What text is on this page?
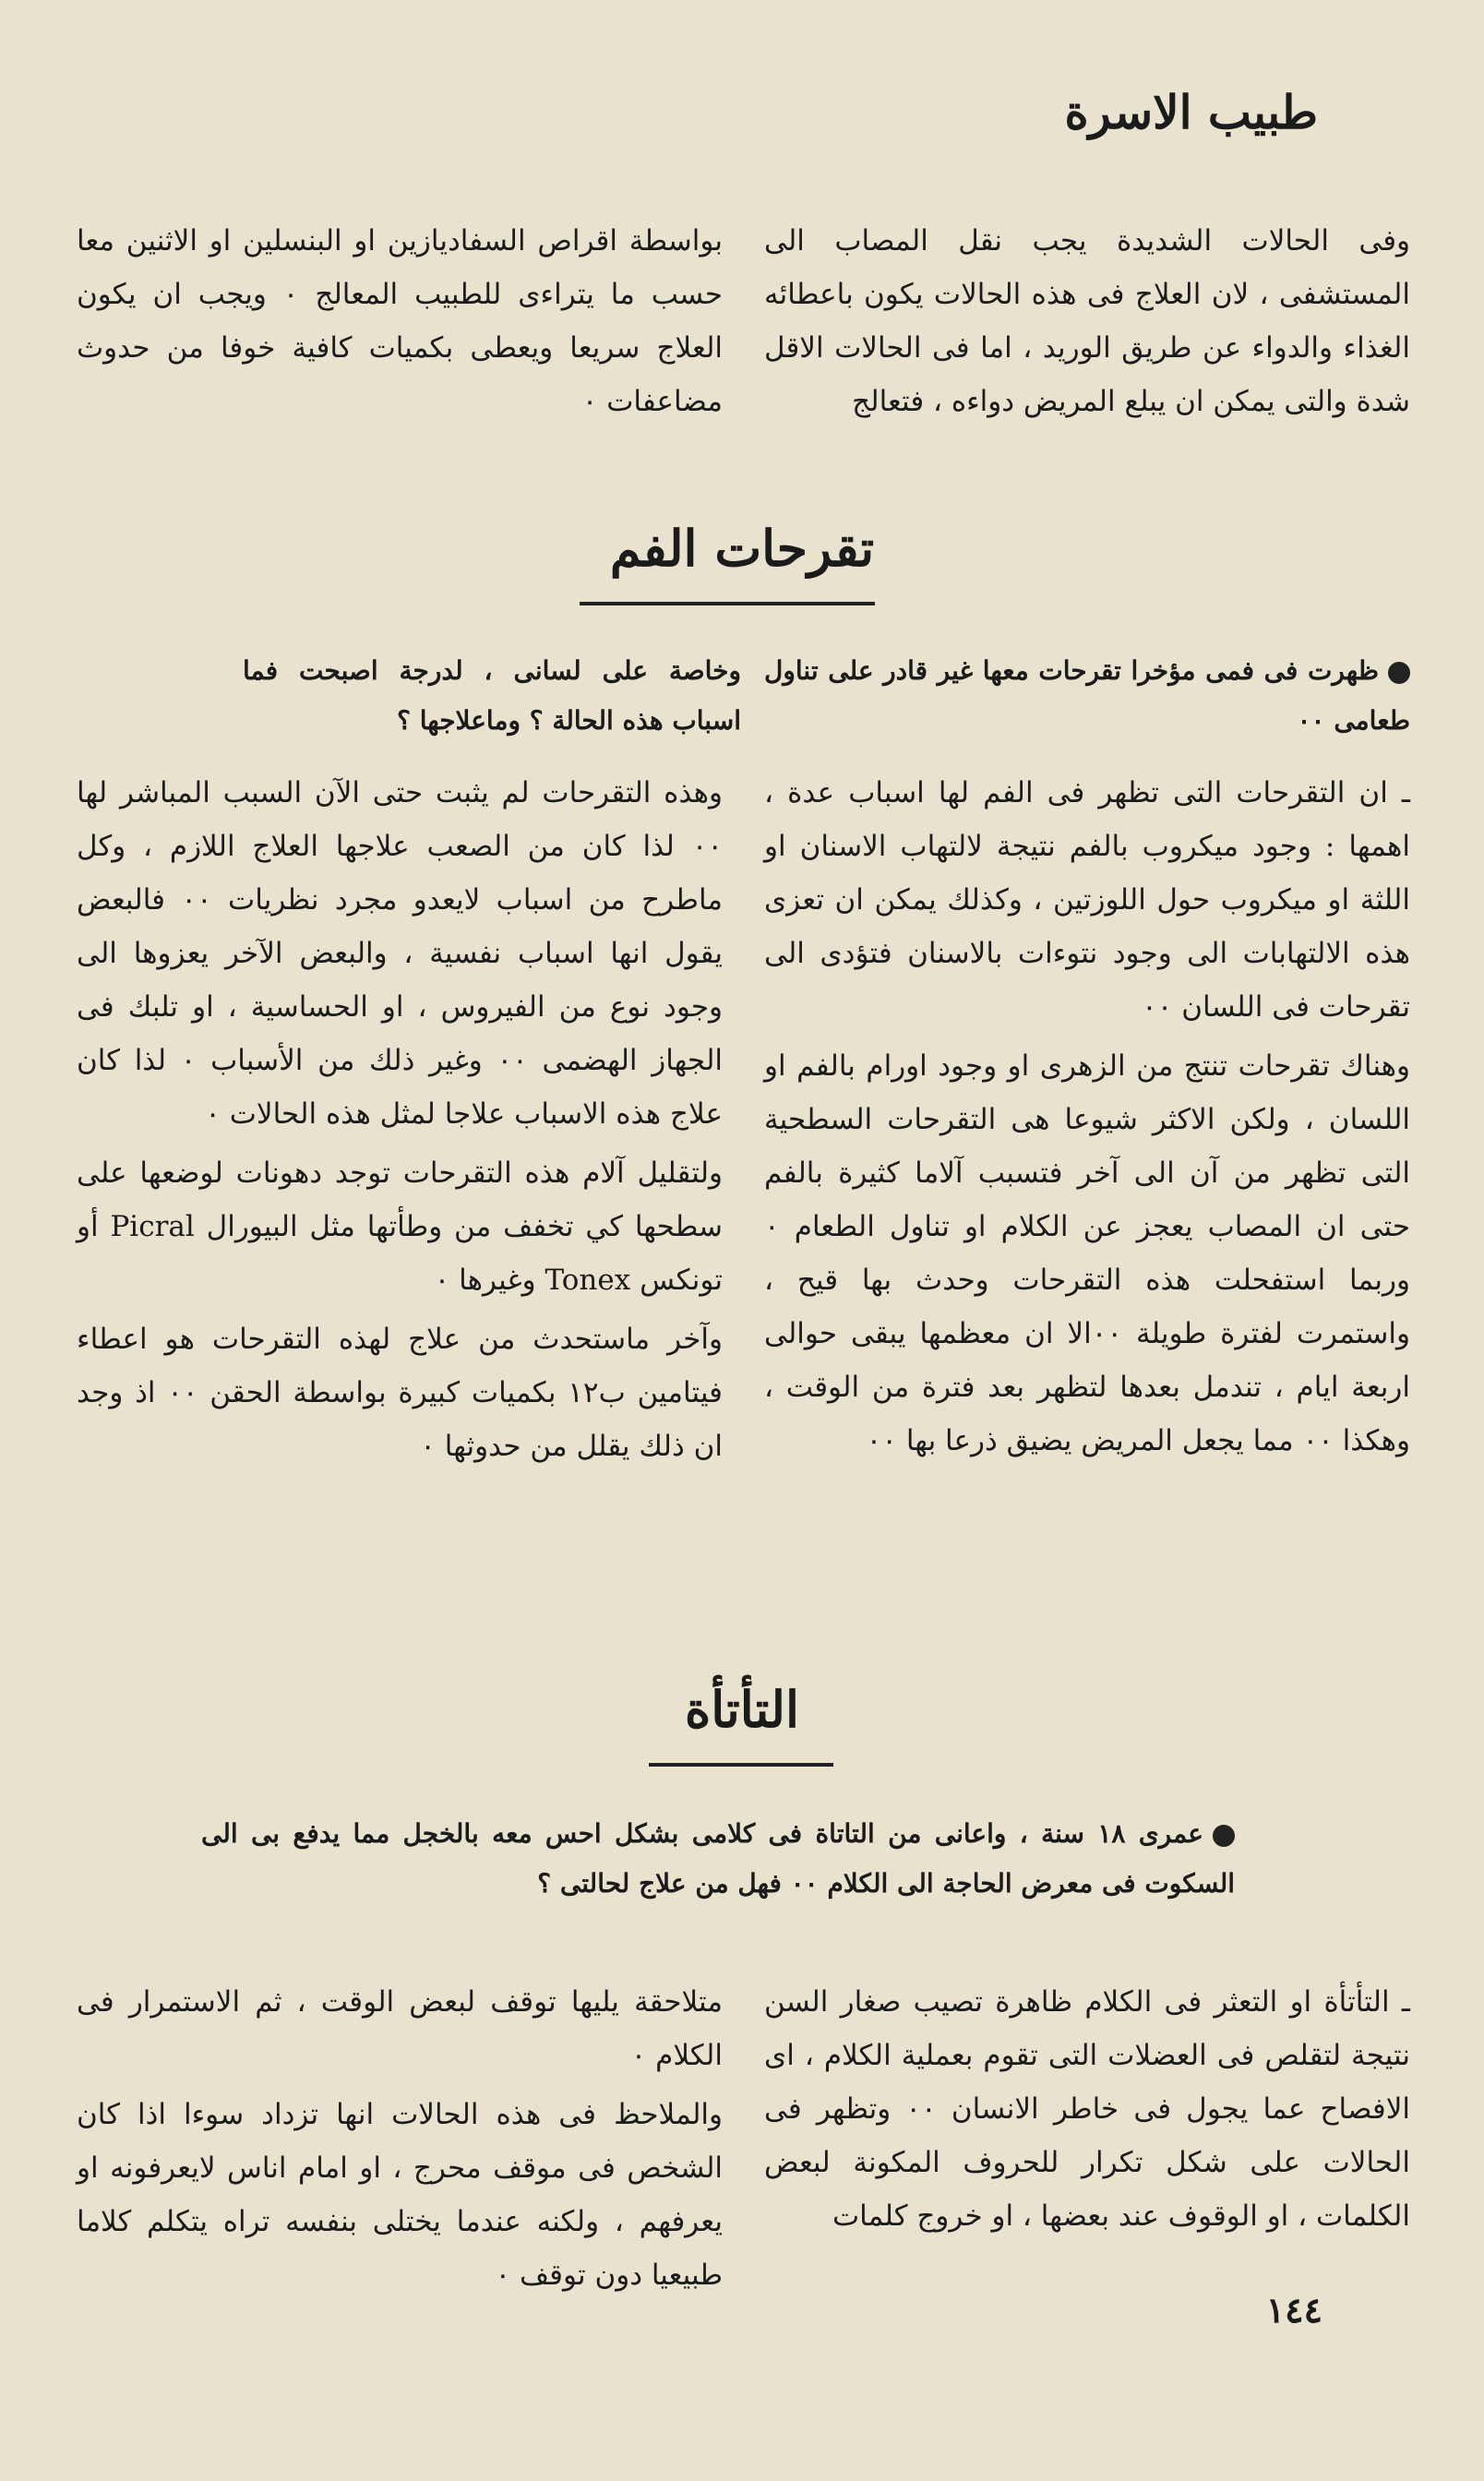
طبيب الاسرة

وفى الحالات الشديدة يجب نقل المصاب الى المستشفى ، لان العلاج فى هذه الحالات يكون باعطائه الغذاء والدواء عن طريق الوريد ، اما فى الحالات الاقل شدة والتى يمكن ان يبلع المريض دواءه ، فتعالج

بواسطة اقراص السفاديازين او البنسلين او الاثنين معا حسب ما يتراءى للطبيب المعالج ٠ ويجب ان يكون العلاج سريعا ويعطى بكميات كافية خوفا من حدوث مضاعفات ٠

تقرحات الفم
ظهرت فى فمى مؤخرا تقرحات معها غير قادر على تناول طعامى ٠٠
وخاصة على لسانى ، لدرجة اصبحت فما اسباب هذه الحالة ؟ وماعلاجها ؟

ـ ان التقرحات التى تظهر فى الفم لها اسباب عدة ، اهمها : وجود ميكروب بالفم نتيجة لالتهاب الاسنان او اللثة او ميكروب حول اللوزتين ، وكذلك يمكن ان تعزى هذه الالتهابات الى وجود نتوءات بالاسنان فتؤدى الى تقرحات فى اللسان ٠٠

وهناك تقرحات تنتج من الزهرى او وجود اورام بالفم او اللسان ، ولكن الاكثر شيوعا هى التقرحات السطحية التى تظهر من آن الى آخر فتسبب آلاما كثيرة بالفم حتى ان المصاب يعجز عن الكلام او تناول الطعام ٠ وربما استفحلت هذه التقرحات وحدث بها قيح ، واستمرت لفترة طويلة ٠٠الا ان معظمها يبقى حوالى اربعة ايام ، تندمل بعدها لتظهر بعد فترة من الوقت ، وهكذا ٠٠ مما يجعل المريض يضيق ذرعا بها ٠٠

وهذه التقرحات لم يثبت حتى الآن السبب المباشر لها ٠٠ لذا كان من الصعب علاجها العلاج اللازم ، وكل ماطرح من اسباب لايعدو مجرد نظريات ٠٠ فالبعض يقول انها اسباب نفسية ، والبعض الآخر يعزوها الى وجود نوع من الفيروس ، او الحساسية ، او تلبك فى الجهاز الهضمى ٠٠ وغير ذلك من الأسباب ٠ لذا كان علاج هذه الاسباب علاجا لمثل هذه الحالات ٠

ولتقليل آلام هذه التقرحات توجد دهونات لوضعها على سطحها كي تخفف من وطأتها مثل البيورال Picral أو تونكس Tonex وغيرها ٠

وآخر ماستحدث من علاج لهذه التقرحات هو اعطاء فيتامين ب١٢ بكميات كبيرة بواسطة الحقن ٠٠ اذ وجد ان ذلك يقلل من حدوثها ٠

التأتأة
عمرى ١٨ سنة ، واعانى من التاتاة فى كلامى بشكل احس معه بالخجل مما يدفع بى الى السكوت فى معرض الحاجة الى الكلام ٠٠ فهل من علاج لحالتى ؟

ـ التأتأة او التعثر فى الكلام ظاهرة تصيب صغار السن نتيجة لتقلص فى العضلات التى تقوم بعملية الكلام ، اى الافصاح عما يجول فى خاطر الانسان ٠٠ وتظهر فى الحالات على شكل تكرار للحروف المكونة لبعض الكلمات ، او الوقوف عند بعضها ، او خروج كلمات

متلاحقة يليها توقف لبعض الوقت ، ثم الاستمرار فى الكلام ٠

والملاحظ فى هذه الحالات انها تزداد سوءا اذا كان الشخص فى موقف محرج ، او امام اناس لايعرفونه او يعرفهم ، ولكنه عندما يختلى بنفسه تراه يتكلم كلاما طبيعيا دون توقف ٠

١٤٤
